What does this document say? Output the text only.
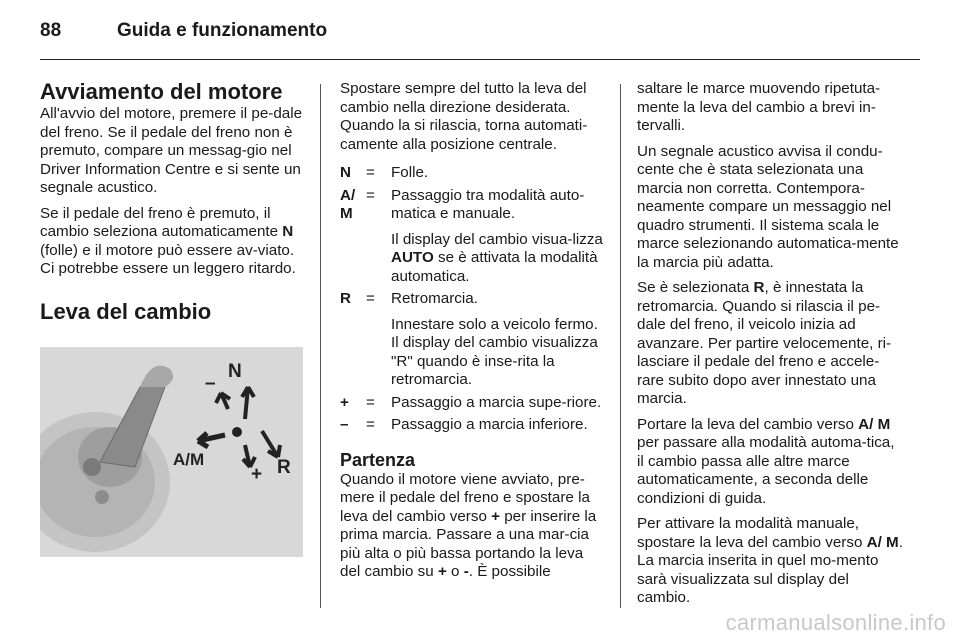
88	Guida e funzionamento
Avviamento del motore

All'avvio del motore, premere il pe-dale del freno. Se il pedale del freno non è premuto, compare un messag-gio nel Driver Information Centre e si sente un segnale acustico.

Se il pedale del freno è premuto, il cambio seleziona automaticamente N (folle) e il motore può essere av-viato. Ci potrebbe essere un leggero ritardo.

Leva del cambio
N
–
A/M
+ R

Spostare sempre del tutto la leva del cambio nella direzione desiderata. Quando la si rilascia, torna automati-camente alla posizione centrale.

N =	Folle.
A/ M
=	Passaggio tra modalità auto-matica e manuale.
Il display del cambio visua-lizza AUTO se è attivata la modalità automatica.
R =	Retromarcia.
Innestare solo a veicolo fermo. Il display del cambio visualizza "R" quando è inse-rita la retromarcia.
+	=	Passaggio a marcia supe-riore.
–	=	Passaggio a marcia inferiore.
Partenza

Quando il motore viene avviato, pre-mere il pedale del freno e spostare la leva del cambio verso + per inserire la prima marcia. Passare a una mar-cia più alta o più bassa portando la leva del cambio su + o -. È possibile

saltare le marce muovendo ripetuta-mente la leva del cambio a brevi in-tervalli.

Un segnale acustico avvisa il condu-cente che è stata selezionata una marcia non corretta. Contempora-neamente compare un messaggio nel quadro strumenti. Il sistema scala le marce selezionando automatica-mente la marcia più adatta.

Se è selezionata R, è innestata la retromarcia. Quando si rilascia il pe-dale del freno, il veicolo inizia ad avanzare. Per partire velocemente, ri-lasciare il pedale del freno e accele-rare subito dopo aver innestato una marcia.

Portare la leva del cambio verso A/ M per passare alla modalità automa-tica, il cambio passa alle altre marce automaticamente, a seconda delle condizioni di guida.

Per attivare la modalità manuale, spostare la leva del cambio verso A/ M. La marcia inserita in quel mo-mento sarà visualizzata sul display del cambio.

carmanualsonline.info
